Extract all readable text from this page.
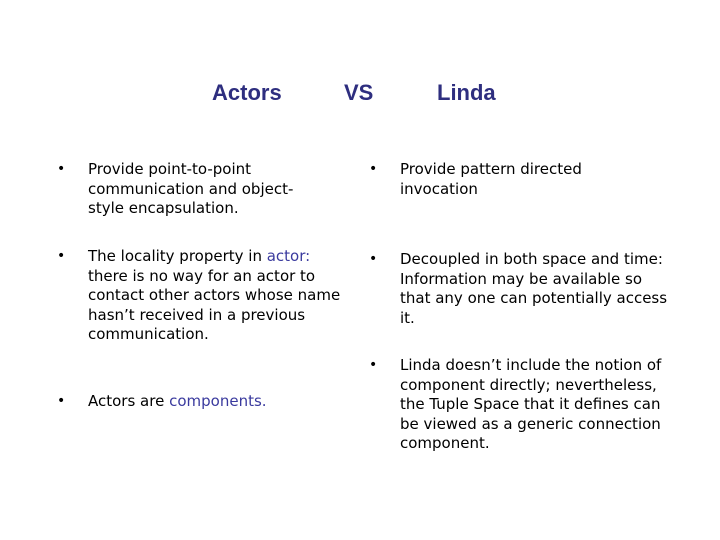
Actors	VS	Linda
•	Provide point-to-point communication and object-style encapsulation.
•	The locality property in actor: there is no way for an actor to contact other actors whose name hasn’t received in a previous communication.
•	Actors are components.
•	Provide pattern directed invocation
•	Decoupled in both space and time: Information may be available so that any one can potentially access it.
•	Linda doesn’t include the notion of component directly; nevertheless, the Tuple Space that it defines can be viewed as a generic connection component.
